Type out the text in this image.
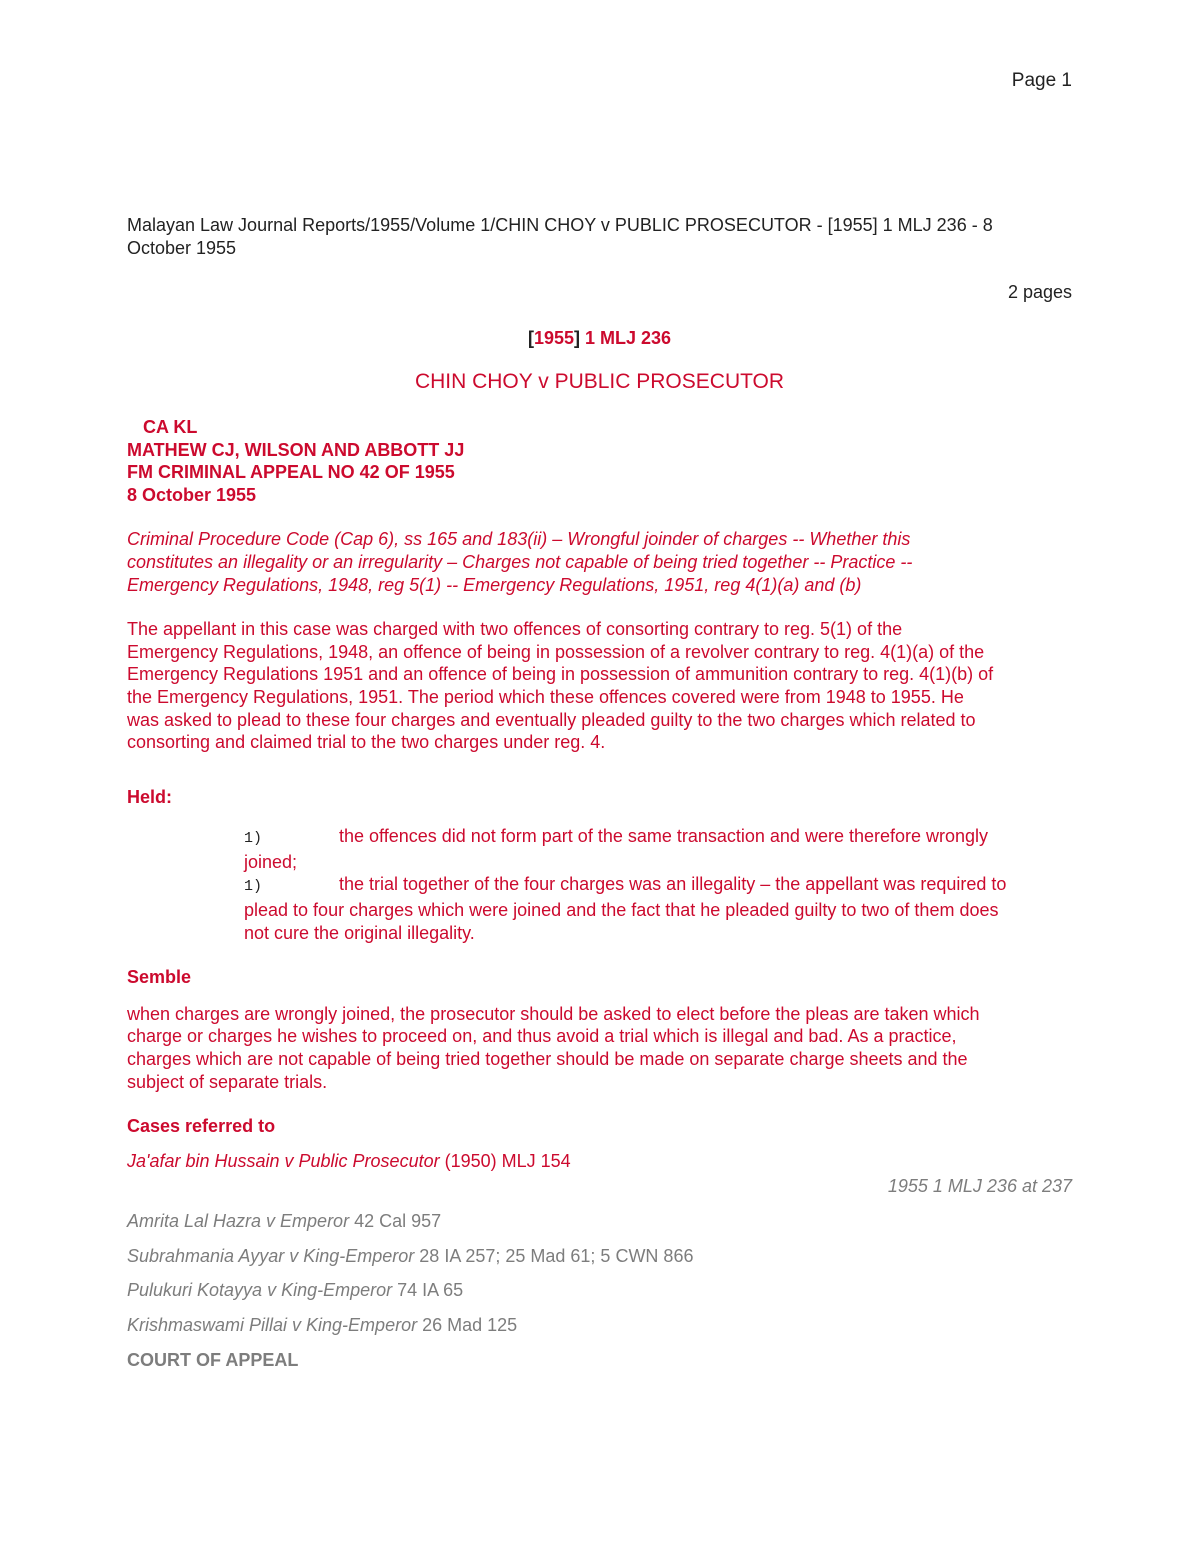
Page 1
Malayan Law Journal Reports/1955/Volume 1/CHIN CHOY v PUBLIC PROSECUTOR - [1955] 1 MLJ 236 - 8
October 1955
2 pages
[1955] 1 MLJ 236
CHIN CHOY v PUBLIC PROSECUTOR
CA KL
MATHEW CJ, WILSON AND ABBOTT JJ
FM CRIMINAL APPEAL NO 42 OF 1955
8 October 1955
Criminal Procedure Code (Cap 6), ss 165 and 183(ii) – Wrongful joinder of charges -- Whether this
constitutes an illegality or an irregularity – Charges not capable of being tried together -- Practice --
Emergency Regulations, 1948, reg 5(1) -- Emergency Regulations, 1951, reg 4(1)(a) and (b)
The appellant in this case was charged with two offences of consorting contrary to reg. 5(1) of the
Emergency Regulations, 1948, an offence of being in possession of a revolver contrary to reg. 4(1)(a) of the
Emergency Regulations 1951 and an offence of being in possession of ammunition contrary to reg. 4(1)(b) of
the Emergency Regulations, 1951. The period which these offences covered were from 1948 to 1955. He
was asked to plead to these four charges and eventually pleaded guilty to the two charges which related to
consorting and claimed trial to the two charges under reg. 4.
Held:
1)	the offences did not form part of the same transaction and were therefore wrongly
joined;
1)	the trial together of the four charges was an illegality – the appellant was required to
plead to four charges which were joined and the fact that he pleaded guilty to two of them does
not cure the original illegality.
Semble
when charges are wrongly joined, the prosecutor should be asked to elect before the pleas are taken which
charge or charges he wishes to proceed on, and thus avoid a trial which is illegal and bad. As a practice,
charges which are not capable of being tried together should be made on separate charge sheets and the
subject of separate trials.
Cases referred to
Ja'afar bin Hussain v Public Prosecutor (1950) MLJ 154
1955 1 MLJ 236 at 237
Amrita Lal Hazra v Emperor 42 Cal 957
Subrahmania Ayyar v King-Emperor 28 IA 257; 25 Mad 61; 5 CWN 866
Pulukuri Kotayya v King-Emperor 74 IA 65
Krishmaswami Pillai v King-Emperor 26 Mad 125
COURT OF APPEAL
